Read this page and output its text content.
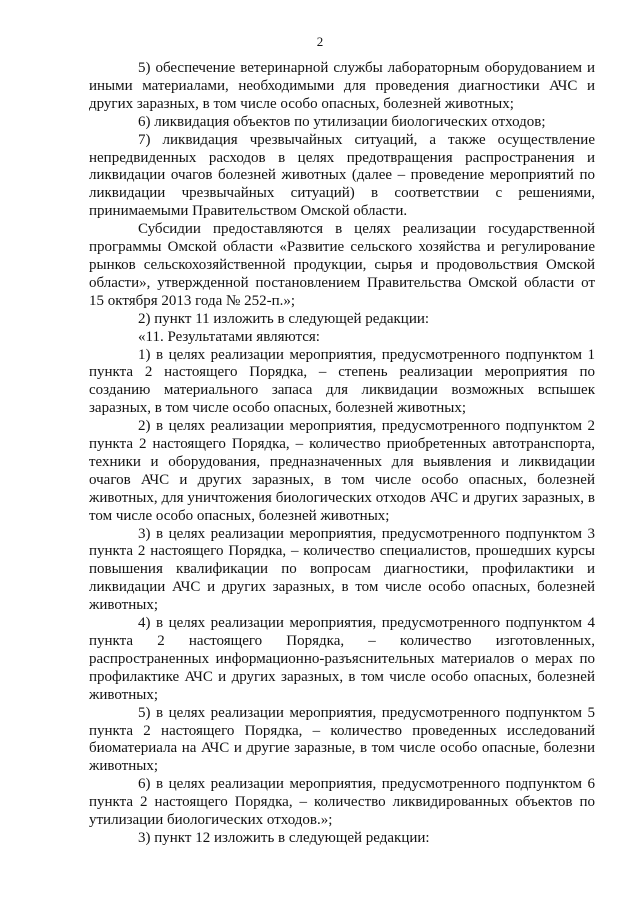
2

5) обеспечение ветеринарной службы лабораторным оборудованием и иными материалами, необходимыми для проведения диагностики АЧС и других заразных, в том числе особо опасных, болезней животных;

6) ликвидация объектов по утилизации биологических отходов;

7) ликвидация чрезвычайных ситуаций, а также осуществление непредвиденных расходов в целях предотвращения распространения и ликвидации очагов болезней животных (далее – проведение мероприятий по ликвидации чрезвычайных ситуаций) в соответствии с решениями, принимаемыми Правительством Омской области.

Субсидии предоставляются в целях реализации государственной программы Омской области «Развитие сельского хозяйства и регулирование рынков сельскохозяйственной продукции, сырья и продовольствия Омской области», утвержденной постановлением Правительства Омской области от 15 октября 2013 года № 252-п.»;

2) пункт 11 изложить в следующей редакции:

«11. Результатами являются:

1) в целях реализации мероприятия, предусмотренного подпунктом 1 пункта 2 настоящего Порядка, – степень реализации мероприятия по созданию материального запаса для ликвидации возможных вспышек заразных, в том числе особо опасных, болезней животных;

2) в целях реализации мероприятия, предусмотренного подпунктом 2 пункта 2 настоящего Порядка, – количество приобретенных автотранспорта, техники и оборудования, предназначенных для выявления и ликвидации очагов АЧС и других заразных, в том числе особо опасных, болезней животных, для уничтожения биологических отходов АЧС и других заразных, в том числе особо опасных, болезней животных;

3) в целях реализации мероприятия, предусмотренного подпунктом 3 пункта 2 настоящего Порядка, – количество специалистов, прошедших курсы повышения квалификации по вопросам диагностики, профилактики и ликвидации АЧС и других заразных, в том числе особо опасных, болезней животных;

4) в целях реализации мероприятия, предусмотренного подпунктом 4 пункта 2 настоящего Порядка, – количество изготовленных, распространенных информационно-разъяснительных материалов о мерах по профилактике АЧС и других заразных, в том числе особо опасных, болезней животных;

5) в целях реализации мероприятия, предусмотренного подпунктом 5 пункта 2 настоящего Порядка, – количество проведенных исследований биоматериала на АЧС и другие заразные, в том числе особо опасные, болезни животных;

6) в целях реализации мероприятия, предусмотренного подпунктом 6 пункта 2 настоящего Порядка, – количество ликвидированных объектов по утилизации биологических отходов.»;

3) пункт 12 изложить в следующей редакции:
